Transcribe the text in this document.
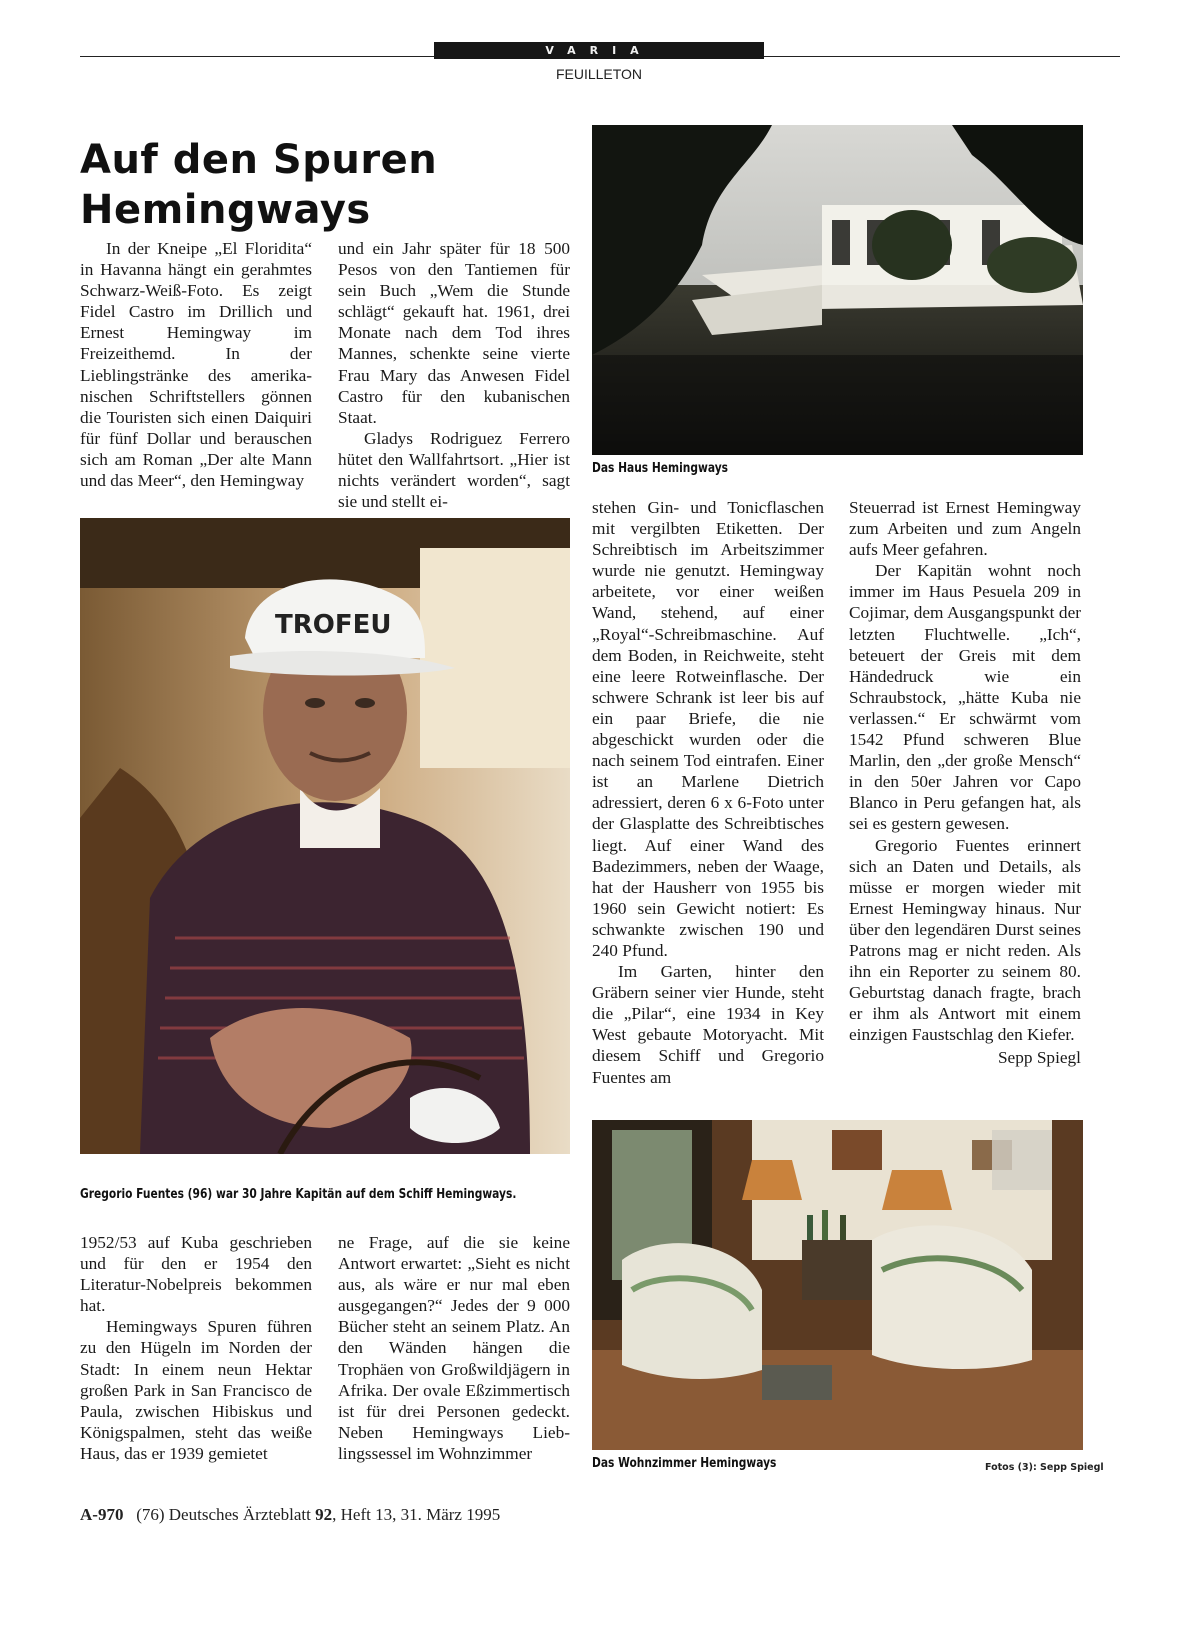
VARIA
FEUILLETON
Auf den Spuren
Hemingways

In der Kneipe „El Floridita“ in Havanna hängt ein gerahmtes Schwarz-Weiß-Foto. Es zeigt Fidel Castro im Drillich und Ernest Hemingway im Freizeithemd. In der Lieblingstränke des amerikanischen Schriftstellers gönnen die Touristen sich einen Daiquiri für fünf Dollar und berauschen sich am Roman „Der alte Mann und das Meer“, den Hemingway

und ein Jahr später für 18 500 Pesos von den Tantiemen für sein Buch „Wem die Stunde schlägt“ gekauft hat. 1961, drei Monate nach dem Tod ihres Mannes, schenkte seine vierte Frau Mary das Anwesen Fidel Castro für den kubanischen Staat.

Gladys Rodriguez Ferrero hütet den Wallfahrtsort. „Hier ist nichts verändert worden“, sagt sie und stellt ei-

Das Haus Hemingways
TROFEU
Gregorio Fuentes (96) war 30 Jahre Kapitän auf dem Schiff Hemingways.

stehen Gin- und Tonicflaschen mit vergilbten Etiketten. Der Schreibtisch im Arbeitszimmer wurde nie genutzt. Hemingway arbeitete, vor einer weißen Wand, stehend, auf einer „Royal“-Schreibmaschine. Auf dem Boden, in Reichweite, steht eine leere Rotweinflasche. Der schwere Schrank ist leer bis auf ein paar Briefe, die nie abgeschickt wurden oder die nach seinem Tod eintrafen. Einer ist an Marlene Dietrich adressiert, deren 6 x 6-Foto unter der Glasplatte des Schreibtisches liegt. Auf einer Wand des Badezimmers, neben der Waage, hat der Hausherr von 1955 bis 1960 sein Gewicht notiert: Es schwankte zwischen 190 und 240 Pfund.

Im Garten, hinter den Gräbern seiner vier Hunde, steht die „Pilar“, eine 1934 in Key West gebaute Motoryacht. Mit diesem Schiff und Gregorio Fuentes am

Steuerrad ist Ernest Hemingway zum Arbeiten und zum Angeln aufs Meer gefahren.

Der Kapitän wohnt noch immer im Haus Pesuela 209 in Cojimar, dem Ausgangspunkt der letzten Fluchtwelle. „Ich“, beteuert der Greis mit dem Händedruck wie ein Schraubstock, „hätte Kuba nie verlassen.“ Er schwärmt vom 1542 Pfund schweren Blue Marlin, den „der große Mensch“ in den 50er Jahren vor Capo Blanco in Peru gefangen hat, als sei es gestern gewesen.

Gregorio Fuentes erinnert sich an Daten und Details, als müsse er morgen wieder mit Ernest Hemingway hinaus. Nur über den legendären Durst seines Patrons mag er nicht reden. Als ihn ein Reporter zu seinem 80. Geburtstag danach fragte, brach er ihm als Antwort mit einem einzigen Faustschlag den Kiefer.

Sepp Spiegl

1952/53 auf Kuba geschrieben und für den er 1954 den Literatur-Nobelpreis bekommen hat.

Hemingways Spuren führen zu den Hügeln im Norden der Stadt: In einem neun Hektar großen Park in San Francisco de Paula, zwischen Hibiskus und Königspalmen, steht das weiße Haus, das er 1939 gemietet

ne Frage, auf die sie keine Antwort erwartet: „Sieht es nicht aus, als wäre er nur mal eben ausgegangen?“ Jedes der 9 000 Bücher steht an seinem Platz. An den Wänden hängen die Trophäen von Großwildjägern in Afrika. Der ovale Eßzimmertisch ist für drei Personen gedeckt. Neben Hemingways Lieblingssessel im Wohnzimmer

Das Wohnzimmer Hemingways	Fotos (3): Sepp Spiegl
A-970 (76) Deutsches Ärzteblatt 92, Heft 13, 31. März 1995
